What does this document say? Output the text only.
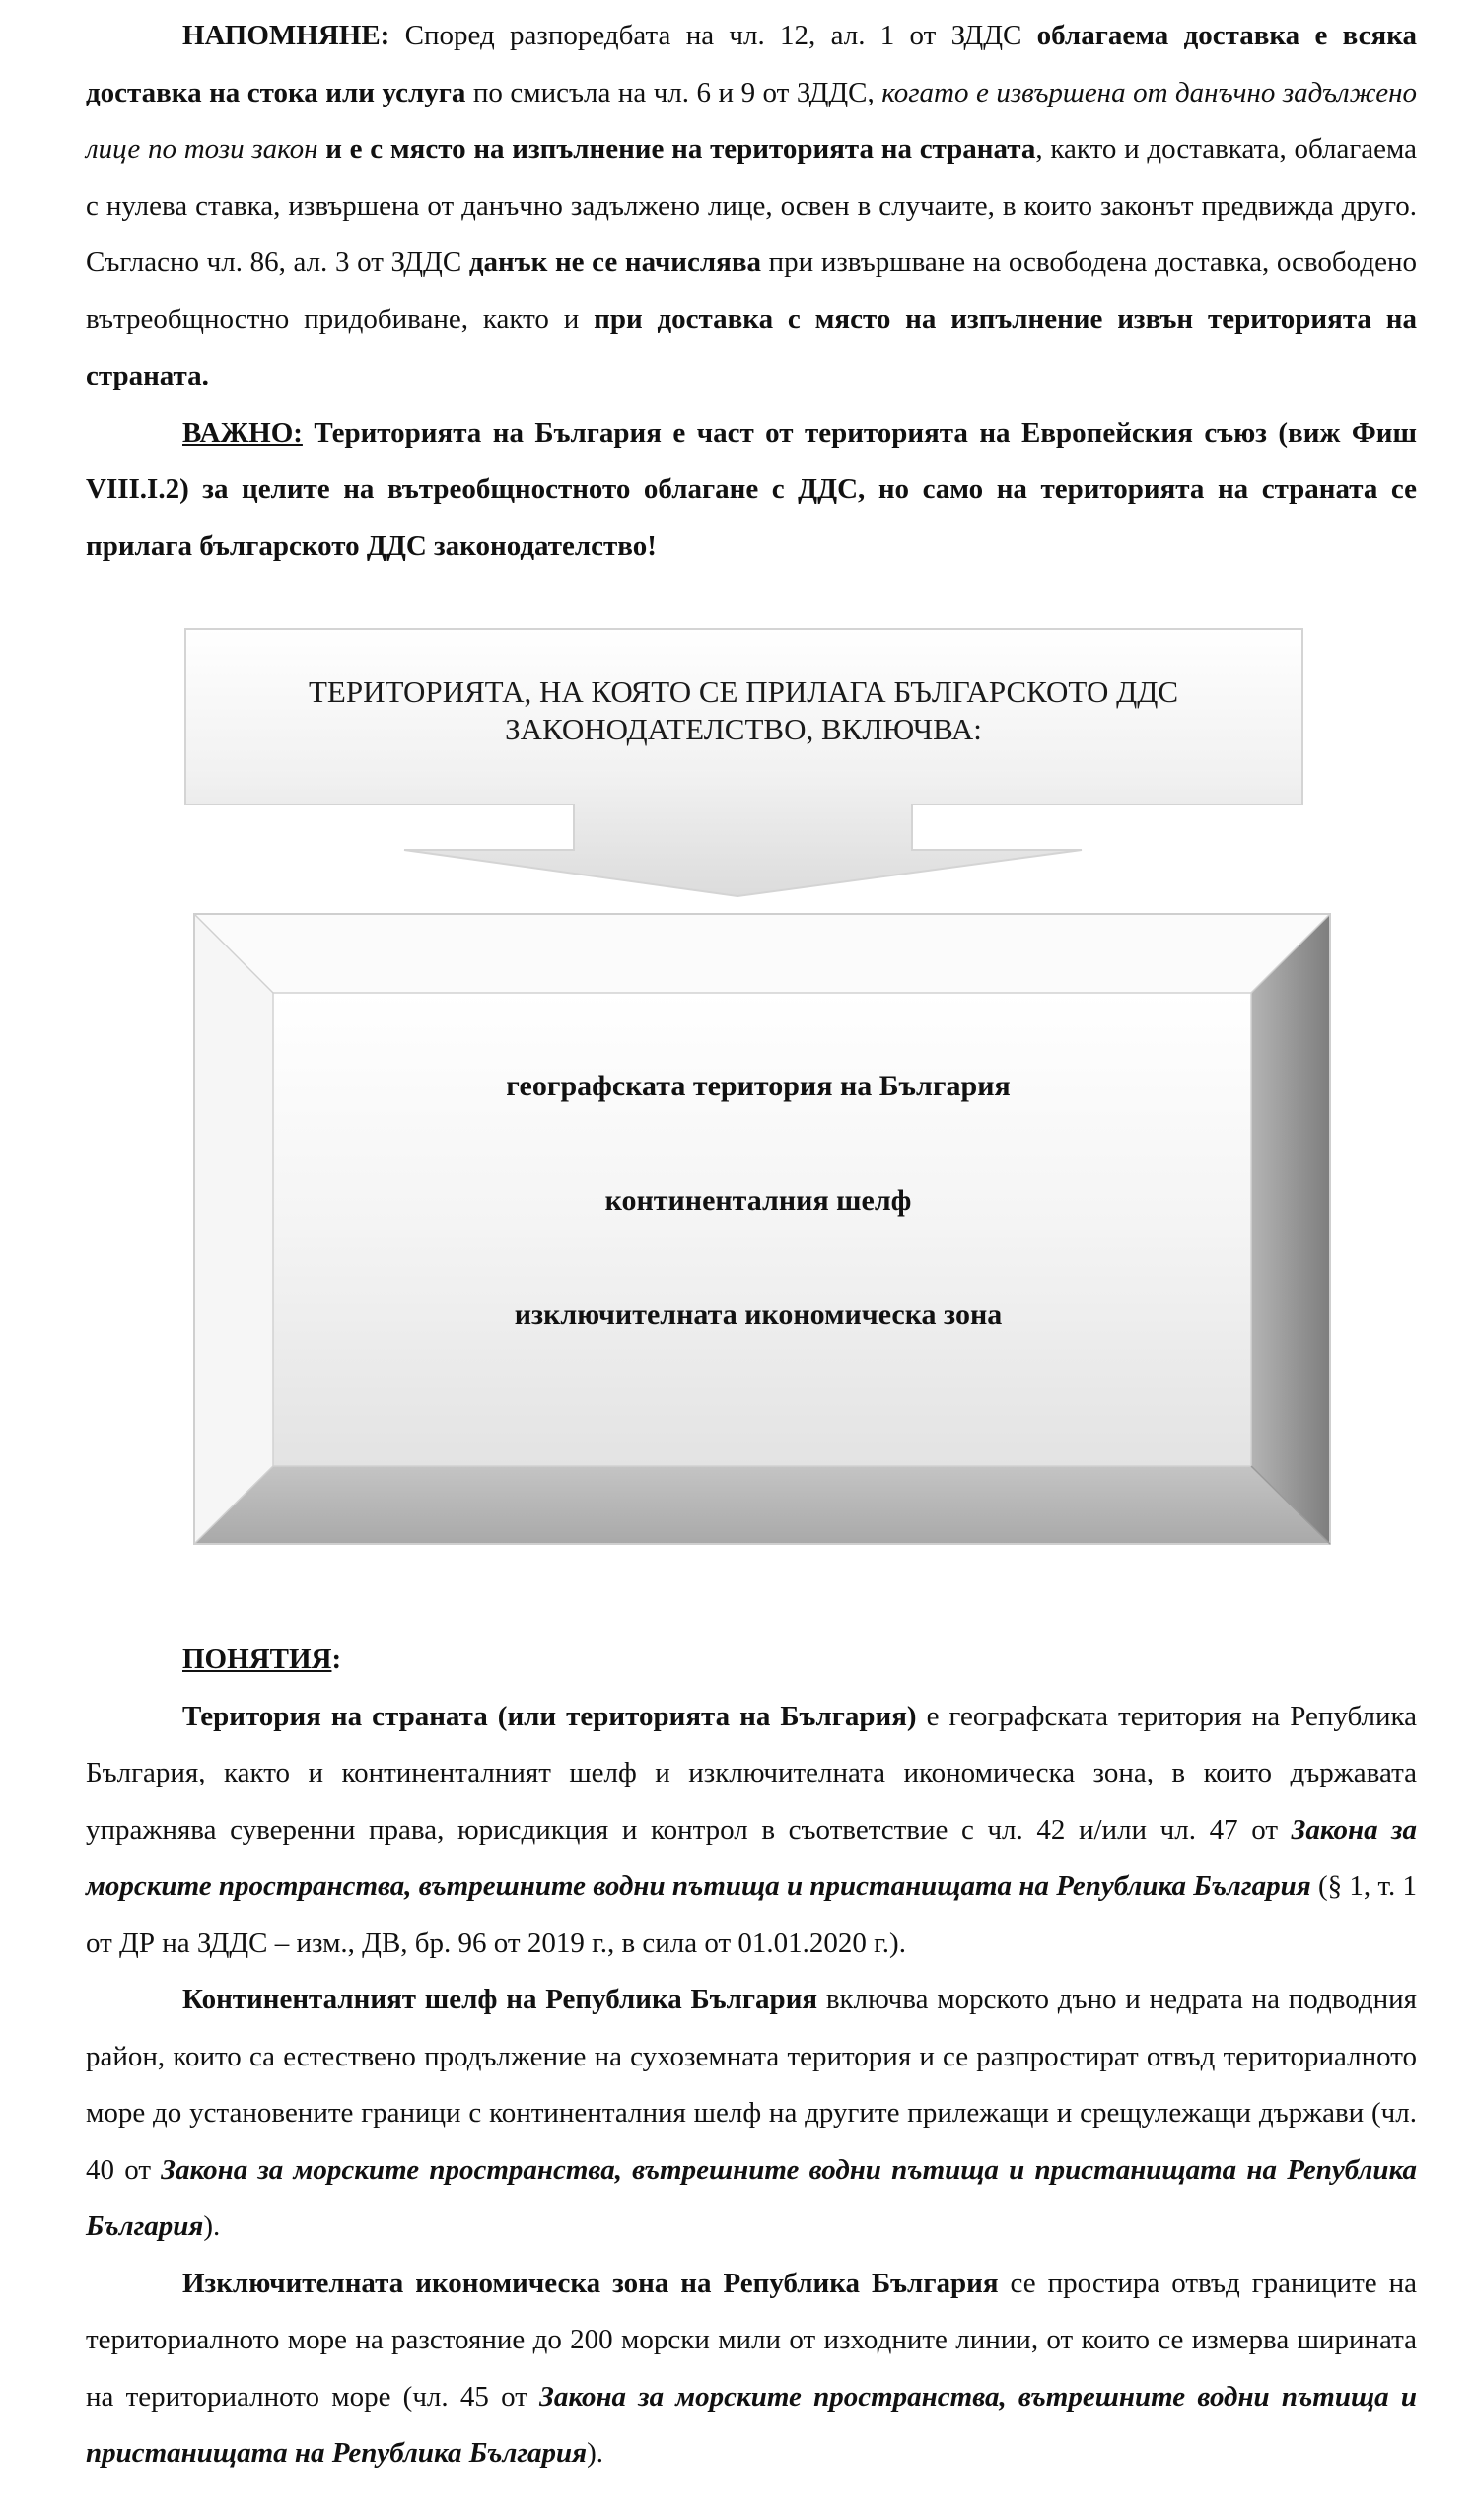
НАПОМНЯНЕ: Според разпоредбата на чл. 12, ал. 1 от ЗДДС облагаема доставка е всяка доставка на стока или услуга по смисъла на чл. 6 и 9 от ЗДДС, когато е извършена от данъчно задължено лице по този закон и е с място на изпълнение на територията на страната, както и доставката, облагаема с нулева ставка, извършена от данъчно задължено лице, освен в случаите, в които законът предвижда друго. Съгласно чл. 86, ал. 3 от ЗДДС данък не се начислява при извършване на освободена доставка, освободено вътреобщностно придобиване, както и при доставка с място на изпълнение извън територията на страната.

ВАЖНО: Територията на България е част от територията на Европейския съюз (виж Фиш VIII.I.2) за целите на вътреобщностното облагане с ДДС, но само на територията на страната се прилага българското ДДС законодателство!

ТЕРИТОРИЯТА, НА КОЯТО СЕ ПРИЛАГА БЪЛГАРСКОТО ДДС
ЗАКОНОДАТЕЛСТВО, ВКЛЮЧВА:
географската територия на България
континенталния шелф
изключителната икономическа зона

ПОНЯТИЯ:

Територия на страната (или територията на България) е географската територия на Република България, както и континенталният шелф и изключителната икономическа зона, в които държавата упражнява суверенни права, юрисдикция и контрол в съответствие с чл. 42 и/или чл. 47 от Закона за морските пространства, вътрешните водни пътища и пристанищата на Република България (§ 1, т. 1 от ДР на ЗДДС – изм., ДВ, бр. 96 от 2019 г., в сила от 01.01.2020 г.).

Континенталният шелф на Република България включва морското дъно и недрата на подводния район, които са естествено продължение на сухоземната територия и се разпростират отвъд териториалното море до установените граници с континенталния шелф на другите прилежащи и срещулежащи държави (чл. 40 от Закона за морските пространства, вътрешните водни пътища и пристанищата на Република България).

Изключителната икономическа зона на Република България се простира отвъд границите на териториалното море на разстояние до 200 морски мили от изходните линии, от които се измерва ширината на териториалното море (чл. 45 от Закона за морските пространства, вътрешните водни пътища и пристанищата на Република България).
